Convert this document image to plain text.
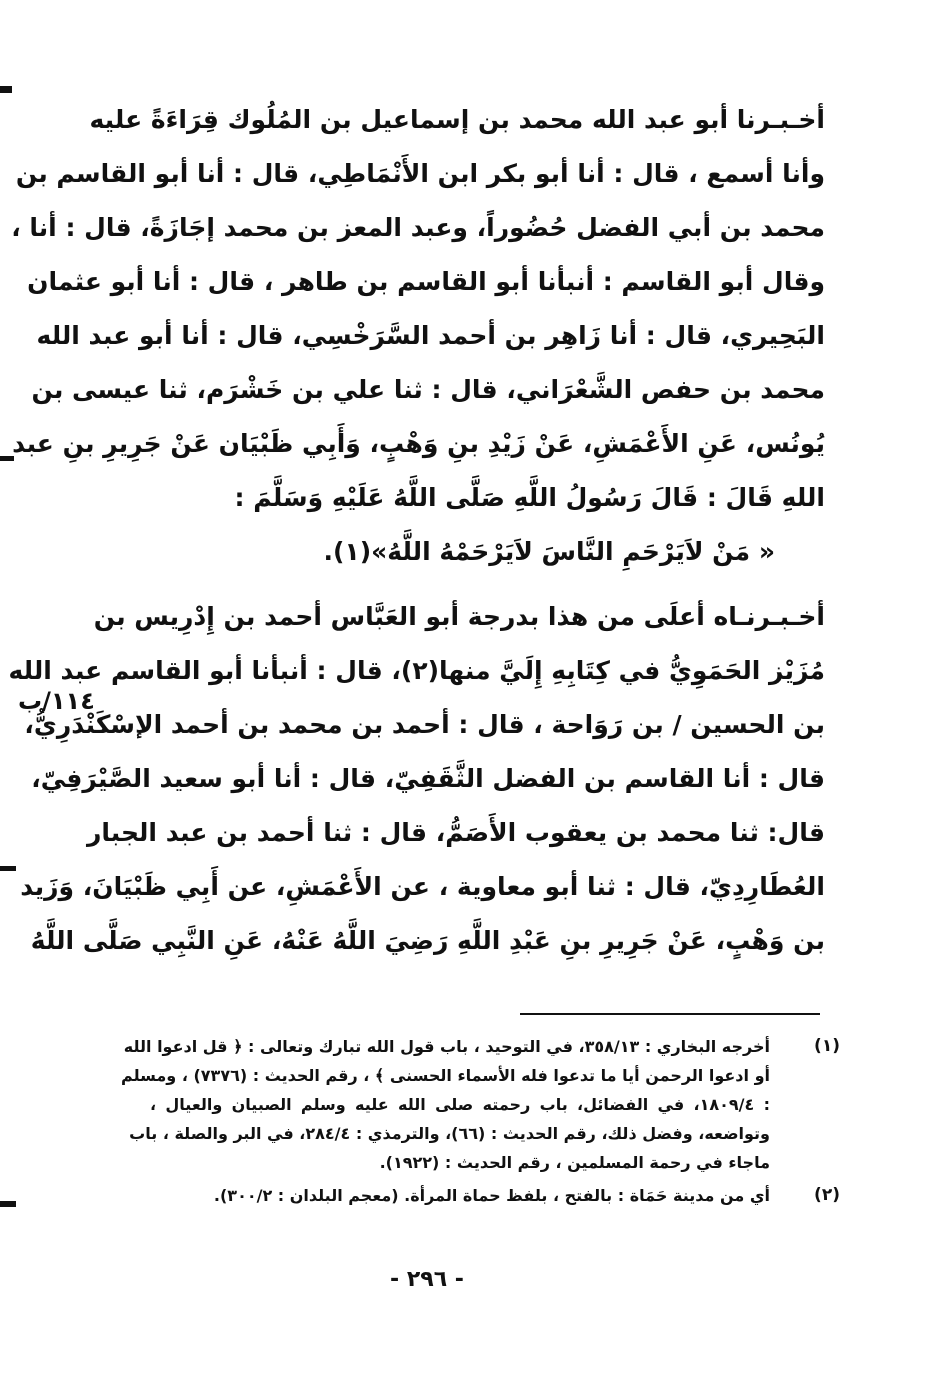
أخـبـرنا أبو عبد الله محمد بن إسماعيل بن المُلُوك قِرَاءَةً عليه
وأنا أسمع ، قال : أنا أبو بكر ابن الأَنْمَاطِي، قال : أنا أبو القاسم بن
محمد بن أبي الفضل حُضُوراً، وعبد المعز بن محمد إجَازَةً، قال : أنا ،
وقال أبو القاسم : أنبأنا أبو القاسم بن طاهر ، قال : أنا أبو عثمان
البَحِيري، قال : أنا زَاهِر بن أحمد السَّرَخْسِي، قال : أنا أبو عبد الله
محمد بن حفص الشَّعْرَاني، قال : ثنا علي بن خَشْرَم، ثنا عيسى بن
يُونُس، عَنِ الأَعْمَشِ، عَنْ زَيْدِ بنِ وَهْبٍ، وَأَبِي ظَبْيَان عَنْ جَرِيرِ بنِ عبد
اللهِ قَالَ : قَالَ رَسُولُ اللَّهِ صَلَّى اللَّهُ عَلَيْهِ وَسَلَّمَ :
« مَنْ لاَيَرْحَمِ النَّاسَ لاَيَرْحَمْهُ اللَّهُ»(١).
أخـبـرنـاه أعلَى من هذا بدرجة أبو العَبَّاس أحمد بن إِدْرِيس بن
مُزَيْز الحَمَوِيُّ في كِتَابِهِ إِلَيَّ منها(٢)، قال : أنبأنا أبو القاسم عبد الله
بن الحسين / بن رَوَاحة ، قال : أحمد بن محمد بن أحمد الإسْكَنْدَرِيُّ،
قال : أنا القاسم بن الفضل الثَّقَفِيّ، قال : أنا أبو سعيد الصَّيْرَفِيّ،
قال: ثنا محمد بن يعقوب الأَصَمُّ، قال : ثنا أحمد بن عبد الجبار
العُطَارِدِيّ، قال : ثنا أبو معاوية ، عن الأَعْمَشِ، عن أَبِي ظَبْيَانَ، وَزَيد
بن وَهْبٍ، عَنْ جَرِيرِ بنِ عَبْدِ اللَّهِ رَضِيَ اللَّهُ عَنْهُ، عَنِ النَّبِي صَلَّى اللَّهُ
١١٤/ب
(١)
أخرجه البخاري : ٣٥٨/١٣، في التوحيد ، باب قول الله تبارك وتعالى : ﴿ قل ادعوا الله
أو ادعوا الرحمن أيا ما تدعوا فله الأسماء الحسنى ﴾ ، رقم الحديث : (٧٣٧٦) ، ومسلم
: ١٨٠٩/٤، في الفضائل، باب رحمته صلى الله عليه وسلم الصبيان والعيال ،
وتواضعه، وفضل ذلك، رقم الحديث : (٦٦)، والترمذي : ٢٨٤/٤، في البر والصلة ، باب
ماجاء في رحمة المسلمين ، رقم الحديث : (١٩٢٢).
(٢)
أي من مدينة حَمَاة : بالفتح ، بلفظ حماة المرأة. (معجم البلدان : ٣٠٠/٢).
- ٢٩٦ -
